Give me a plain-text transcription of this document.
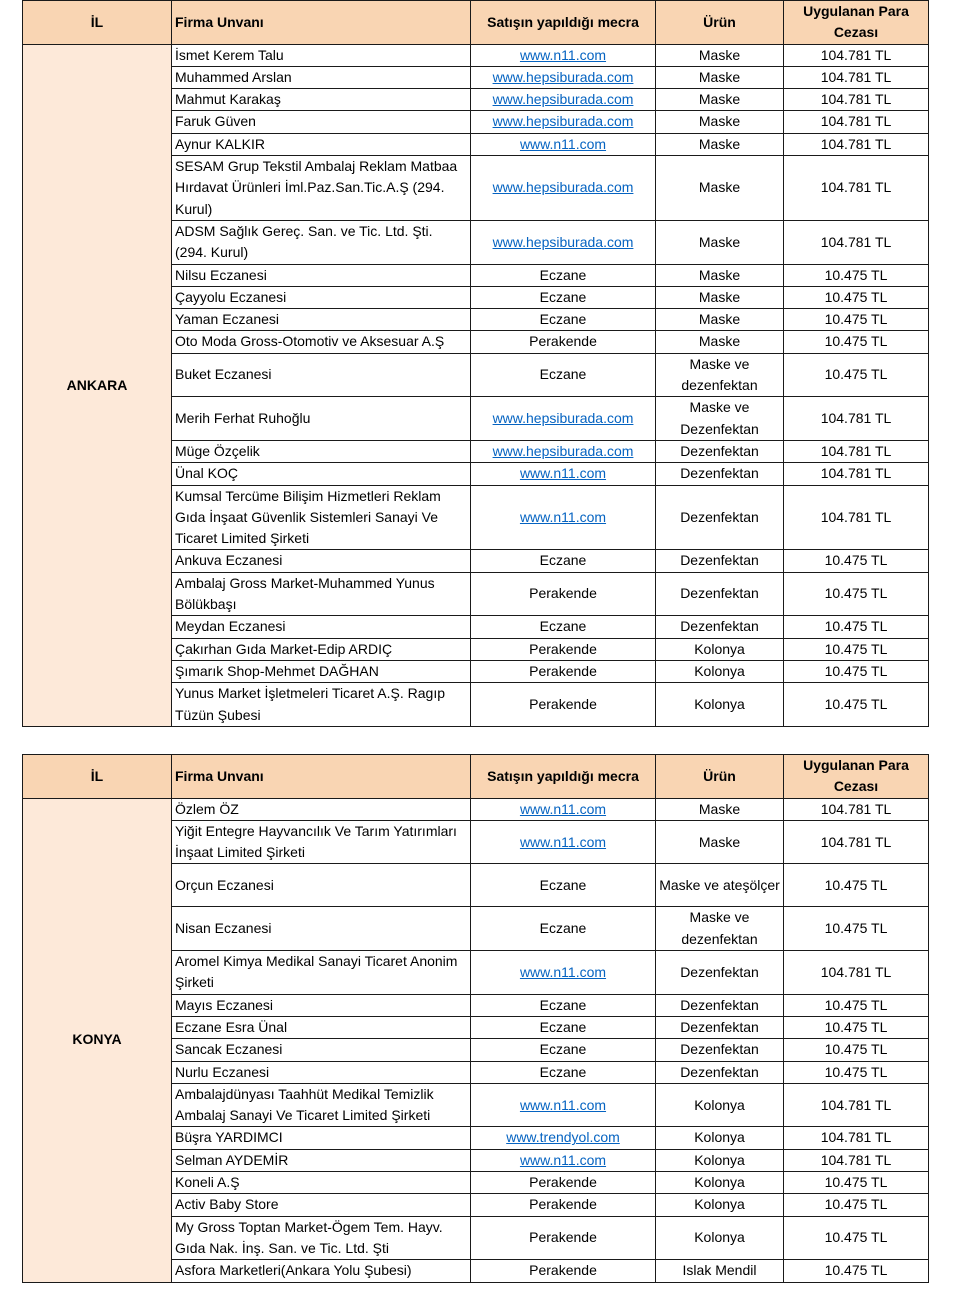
İL	Firma Unvanı	Satışın yapıldığı mecra	Ürün	Uygulanan Para Cezası
ANKARA	İsmet Kerem Talu	www.n11.com	Maske	104.781 TL
	Muhammed Arslan	www.hepsiburada.com	Maske	104.781 TL
	Mahmut Karakaş	www.hepsiburada.com	Maske	104.781 TL
	Faruk Güven	www.hepsiburada.com	Maske	104.781 TL
	Aynur KALKIR	www.n11.com	Maske	104.781 TL
	SESAM Grup Tekstil Ambalaj Reklam Matbaa Hırdavat Ürünleri İml.Paz.San.Tic.A.Ş (294. Kurul)	www.hepsiburada.com	Maske	104.781 TL
	ADSM Sağlık Gereç. San. ve Tic. Ltd. Şti. (294. Kurul)	www.hepsiburada.com	Maske	104.781 TL
	Nilsu Eczanesi	Eczane	Maske	10.475 TL
	Çayyolu Eczanesi	Eczane	Maske	10.475 TL
	Yaman Eczanesi	Eczane	Maske	10.475 TL
	Oto Moda Gross-Otomotiv ve Aksesuar A.Ş	Perakende	Maske	10.475 TL
	Buket Eczanesi	Eczane	Maske ve dezenfektan	10.475 TL
	Merih Ferhat Ruhoğlu	www.hepsiburada.com	Maske ve Dezenfektan	104.781 TL
	Müge Özçelik	www.hepsiburada.com	Dezenfektan	104.781 TL
	Ünal KOÇ	www.n11.com	Dezenfektan	104.781 TL
	Kumsal Tercüme Bilişim Hizmetleri Reklam Gıda İnşaat Güvenlik Sistemleri Sanayi Ve Ticaret Limited Şirketi	www.n11.com	Dezenfektan	104.781 TL
	Ankuva Eczanesi	Eczane	Dezenfektan	10.475 TL
	Ambalaj Gross Market-Muhammed Yunus Bölükbaşı	Perakende	Dezenfektan	10.475 TL
	Meydan Eczanesi	Eczane	Dezenfektan	10.475 TL
	Çakırhan Gıda Market-Edip ARDIÇ	Perakende	Kolonya	10.475 TL
	Şımarık Shop-Mehmet DAĞHAN	Perakende	Kolonya	10.475 TL
	Yunus Market İşletmeleri Ticaret A.Ş. Ragıp Tüzün Şubesi	Perakende	Kolonya	10.475 TL
İL	Firma Unvanı	Satışın yapıldığı mecra	Ürün	Uygulanan Para Cezası
KONYA	Özlem ÖZ	www.n11.com	Maske	104.781 TL
	Yiğit Entegre Hayvancılık Ve Tarım Yatırımları İnşaat Limited Şirketi	www.n11.com	Maske	104.781 TL
	Orçun Eczanesi	Eczane	Maske ve ateşölçer	10.475 TL
	Nisan Eczanesi	Eczane	Maske ve dezenfektan	10.475 TL
	Aromel Kimya Medikal Sanayi Ticaret Anonim Şirketi	www.n11.com	Dezenfektan	104.781 TL
	Mayıs Eczanesi	Eczane	Dezenfektan	10.475 TL
	Eczane Esra Ünal	Eczane	Dezenfektan	10.475 TL
	Sancak Eczanesi	Eczane	Dezenfektan	10.475 TL
	Nurlu Eczanesi	Eczane	Dezenfektan	10.475 TL
	Ambalajdünyası Taahhüt Medikal Temizlik Ambalaj Sanayi Ve Ticaret Limited Şirketi	www.n11.com	Kolonya	104.781 TL
	Büşra YARDIMCI	www.trendyol.com	Kolonya	104.781 TL
	Selman AYDEMİR	www.n11.com	Kolonya	104.781 TL
	Koneli A.Ş	Perakende	Kolonya	10.475 TL
	Activ Baby Store	Perakende	Kolonya	10.475 TL
	My Gross Toptan Market-Ögem Tem. Hayv. Gıda Nak. İnş. San. ve Tic. Ltd. Şti	Perakende	Kolonya	10.475 TL
	Asfora Marketleri(Ankara Yolu Şubesi)	Perakende	Islak Mendil	10.475 TL
